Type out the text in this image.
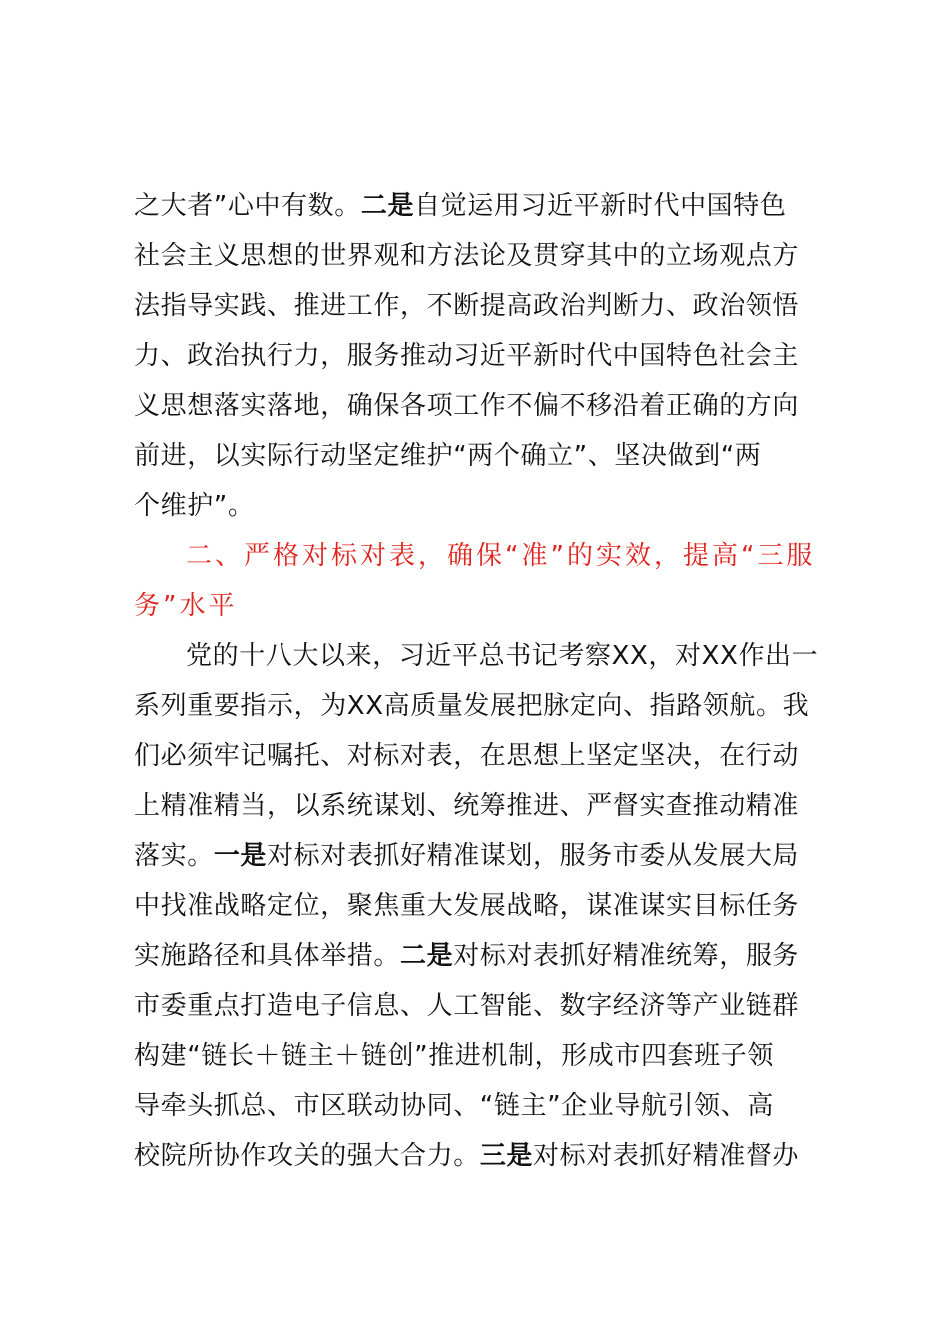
之大者”心中有数。二是自觉运用习近平新时代中国特色
社会主义思想的世界观和方法论及贯穿其中的立场观点方
法指导实践、推进工作，不断提高政治判断力、政治领悟
力、政治执行力，服务推动习近平新时代中国特色社会主
义思想落实落地，确保各项工作不偏不移沿着正确的方向
前进，以实际行动坚定维护“两个确立”、坚决做到“两
个维护”。
二、严格对标对表，确保“准”的实效，提高“三服
务”水平
党的十八大以来，习近平总书记考察XX，对XX作出一
系列重要指示，为XX高质量发展把脉定向、指路领航。我
们必须牢记嘱托、对标对表，在思想上坚定坚决，在行动
上精准精当，以系统谋划、统筹推进、严督实查推动精准
落实。一是对标对表抓好精准谋划，服务市委从发展大局
中找准战略定位，聚焦重大发展战略，谋准谋实目标任务
实施路径和具体举措。二是对标对表抓好精准统筹，服务
市委重点打造电子信息、人工智能、数字经济等产业链群
构建“链长＋链主＋链创”推进机制，形成市四套班子领
导牵头抓总、市区联动协同、“链主”企业导航引领、高
校院所协作攻关的强大合力。三是对标对表抓好精准督办
